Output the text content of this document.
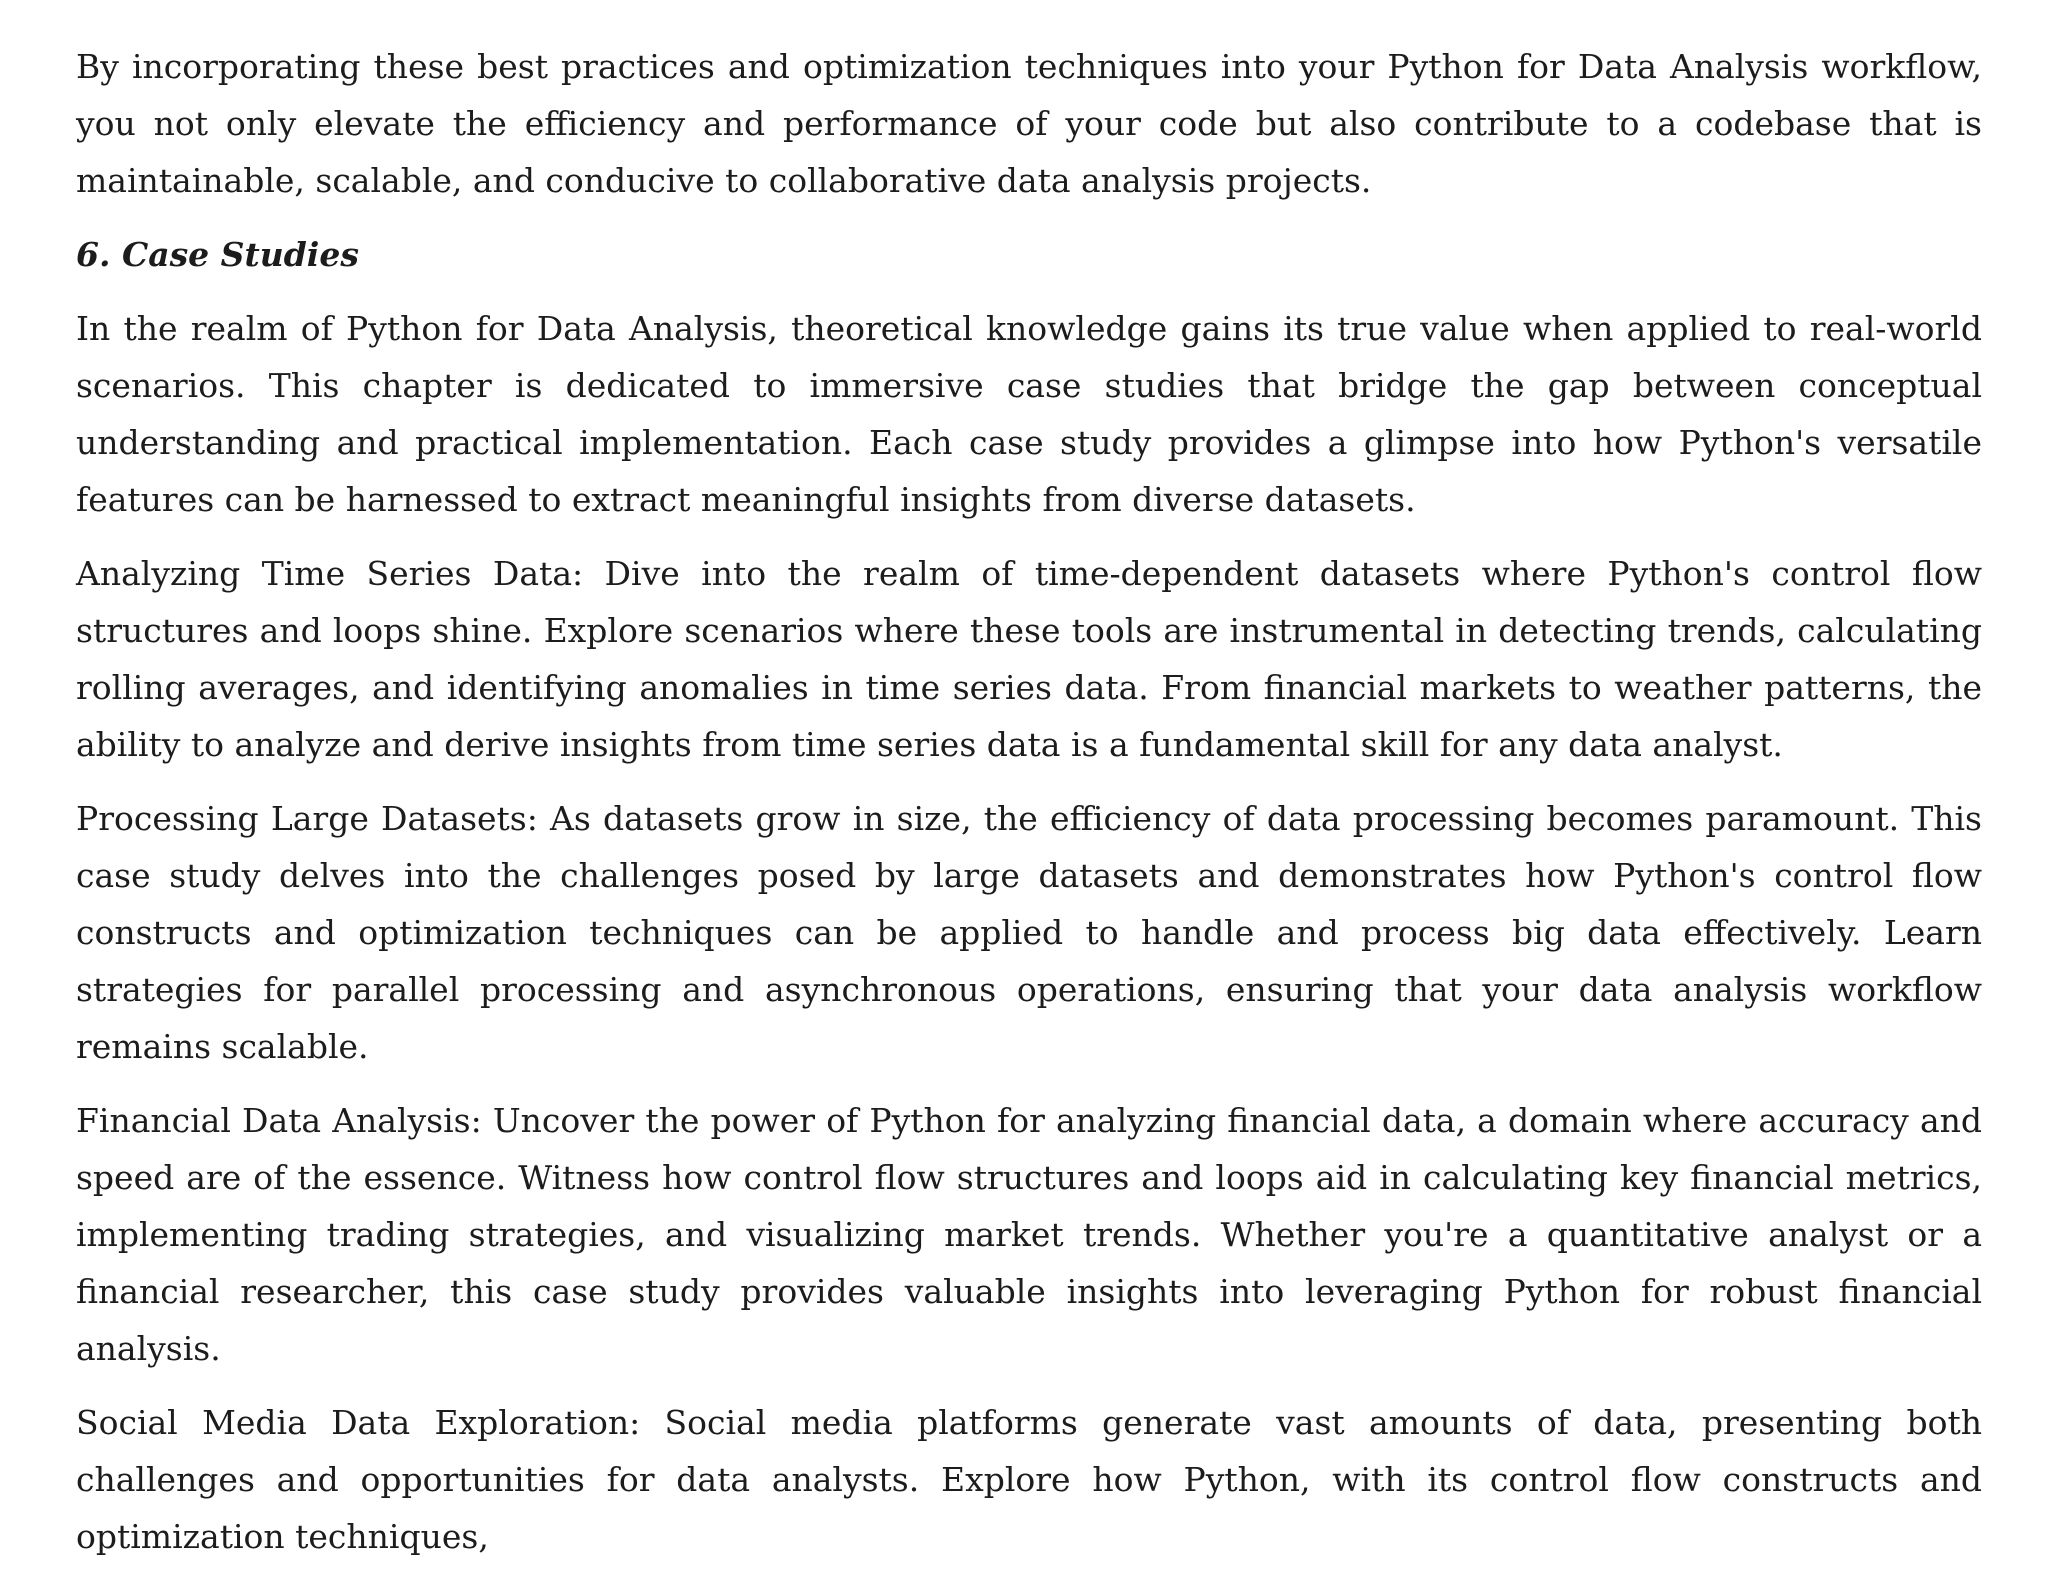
By incorporating these best practices and optimization techniques into your Python for Data Analysis workflow, you not only elevate the efficiency and performance of your code but also contribute to a codebase that is maintainable, scalable, and conducive to collaborative data analysis projects.

6. Case Studies

In the realm of Python for Data Analysis, theoretical knowledge gains its true value when applied to real-world scenarios. This chapter is dedicated to immersive case studies that bridge the gap between conceptual understanding and practical implementation. Each case study provides a glimpse into how Python's versatile features can be harnessed to extract meaningful insights from diverse datasets.

Analyzing Time Series Data: Dive into the realm of time-dependent datasets where Python's control flow structures and loops shine. Explore scenarios where these tools are instrumental in detecting trends, calculating rolling averages, and identifying anomalies in time series data. From financial markets to weather patterns, the ability to analyze and derive insights from time series data is a fundamental skill for any data analyst.

Processing Large Datasets: As datasets grow in size, the efficiency of data processing becomes paramount. This case study delves into the challenges posed by large datasets and demonstrates how Python's control flow constructs and optimization techniques can be applied to handle and process big data effectively. Learn strategies for parallel processing and asynchronous operations, ensuring that your data analysis workflow remains scalable.

Financial Data Analysis: Uncover the power of Python for analyzing financial data, a domain where accuracy and speed are of the essence. Witness how control flow structures and loops aid in calculating key financial metrics, implementing trading strategies, and visualizing market trends. Whether you're a quantitative analyst or a financial researcher, this case study provides valuable insights into leveraging Python for robust financial analysis.

Social Media Data Exploration: Social media platforms generate vast amounts of data, presenting both challenges and opportunities for data analysts. Explore how Python, with its control flow constructs and optimization techniques,
